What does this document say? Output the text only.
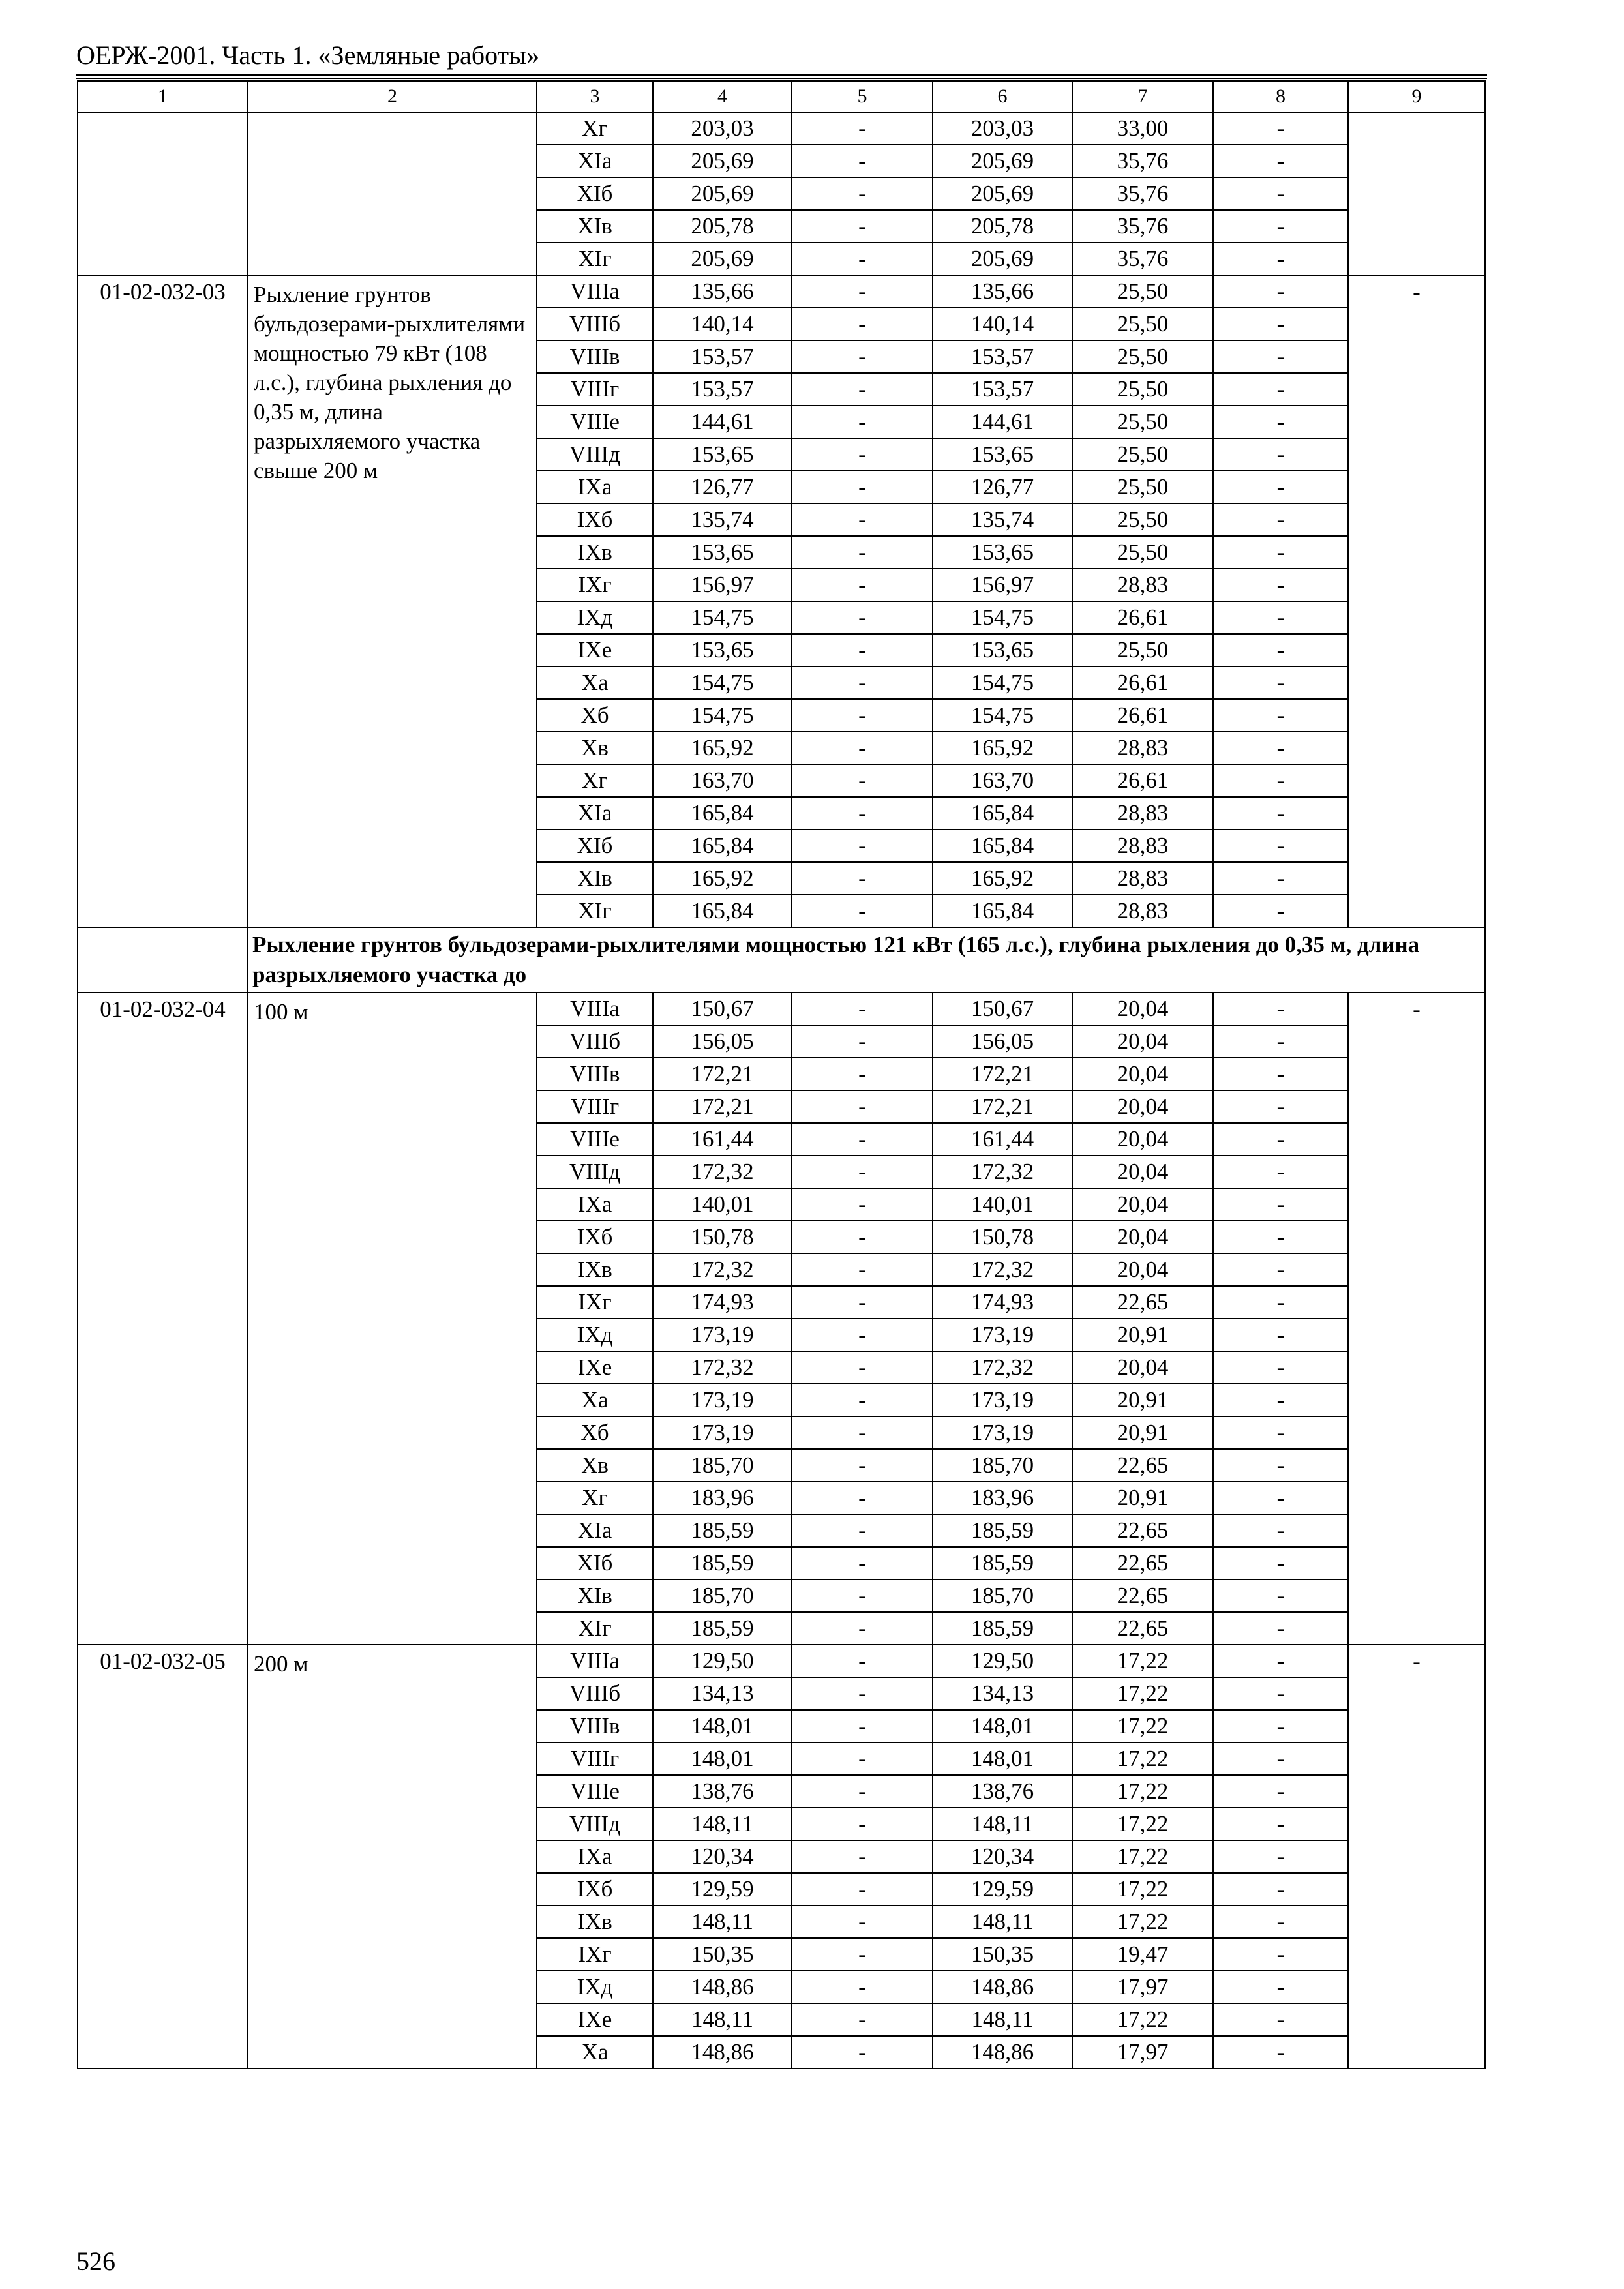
ОЕРЖ-2001. Часть 1. «Земляные работы»
1	2	3	4	5	6	7	8	9
		Хг	203,03	-	203,03	33,00	-	
		ХIа	205,69	-	205,69	35,76	-	
		ХIб	205,69	-	205,69	35,76	-	
		ХIв	205,78	-	205,78	35,76	-	
		ХIг	205,69	-	205,69	35,76	-	
01-02-032-03	Рыхление грунтов бульдозерами-рыхлителями мощностью 79 кВт (108 л.с.), глубина рыхления до 0,35 м, длина разрыхляемого участка свыше 200 м	VIIIа	135,66	-	135,66	25,50	-	-
		VIIIб	140,14	-	140,14	25,50	-	
		VIIIв	153,57	-	153,57	25,50	-	
		VIIIг	153,57	-	153,57	25,50	-	
		VIIIе	144,61	-	144,61	25,50	-	
		VIIIд	153,65	-	153,65	25,50	-	
		IXа	126,77	-	126,77	25,50	-	
		IXб	135,74	-	135,74	25,50	-	
		IXв	153,65	-	153,65	25,50	-	
		IXг	156,97	-	156,97	28,83	-	
		IXд	154,75	-	154,75	26,61	-	
		IXе	153,65	-	153,65	25,50	-	
		Ха	154,75	-	154,75	26,61	-	
		Хб	154,75	-	154,75	26,61	-	
		Хв	165,92	-	165,92	28,83	-	
		Хг	163,70	-	163,70	26,61	-	
		ХIа	165,84	-	165,84	28,83	-	
		ХIб	165,84	-	165,84	28,83	-	
		ХIв	165,92	-	165,92	28,83	-	
		ХIг	165,84	-	165,84	28,83	-	
	Рыхление грунтов бульдозерами-рыхлителями мощностью 121 кВт (165 л.с.), глубина рыхления до 0,35 м, длина разрыхляемого участка до							
01-02-032-04	100 м	VIIIа	150,67	-	150,67	20,04	-	-
		VIIIб	156,05	-	156,05	20,04	-	
		VIIIв	172,21	-	172,21	20,04	-	
		VIIIг	172,21	-	172,21	20,04	-	
		VIIIе	161,44	-	161,44	20,04	-	
		VIIIд	172,32	-	172,32	20,04	-	
		IXа	140,01	-	140,01	20,04	-	
		IXб	150,78	-	150,78	20,04	-	
		IXв	172,32	-	172,32	20,04	-	
		IXг	174,93	-	174,93	22,65	-	
		IXд	173,19	-	173,19	20,91	-	
		IXе	172,32	-	172,32	20,04	-	
		Ха	173,19	-	173,19	20,91	-	
		Хб	173,19	-	173,19	20,91	-	
		Хв	185,70	-	185,70	22,65	-	
		Хг	183,96	-	183,96	20,91	-	
		ХIа	185,59	-	185,59	22,65	-	
		ХIб	185,59	-	185,59	22,65	-	
		ХIв	185,70	-	185,70	22,65	-	
		ХIг	185,59	-	185,59	22,65	-	
01-02-032-05	200 м	VIIIа	129,50	-	129,50	17,22	-	-
		VIIIб	134,13	-	134,13	17,22	-	
		VIIIв	148,01	-	148,01	17,22	-	
		VIIIг	148,01	-	148,01	17,22	-	
		VIIIе	138,76	-	138,76	17,22	-	
		VIIIд	148,11	-	148,11	17,22	-	
		IXа	120,34	-	120,34	17,22	-	
		IXб	129,59	-	129,59	17,22	-	
		IXв	148,11	-	148,11	17,22	-	
		IXг	150,35	-	150,35	19,47	-	
		IXд	148,86	-	148,86	17,97	-	
		IXе	148,11	-	148,11	17,22	-	
		Ха	148,86	-	148,86	17,97	-	
526
